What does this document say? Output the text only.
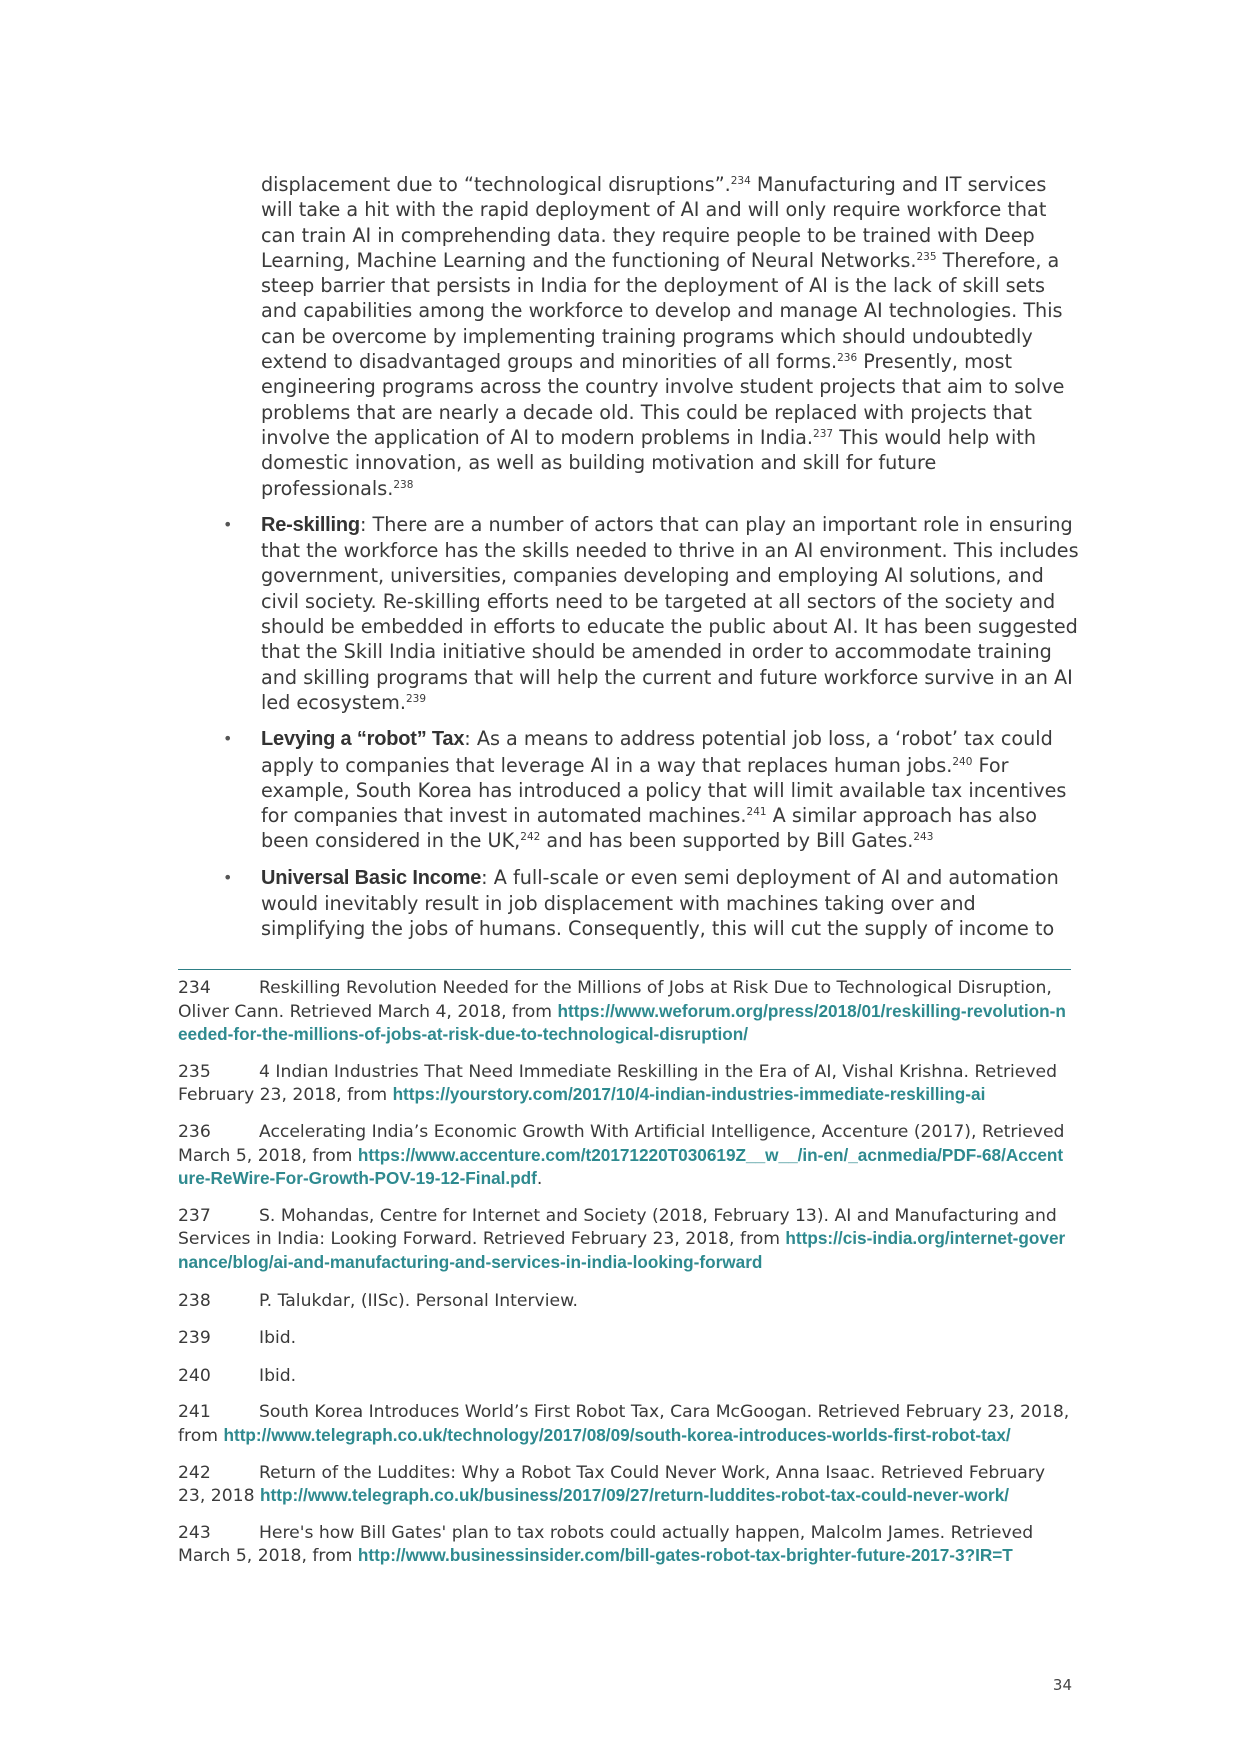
displacement due to “technological disruptions”.$^{234}$ Manufacturing and IT services will take a hit with the rapid deployment of AI and will only require workforce that can train AI in comprehending data. they require people to be trained with Deep Learning, Machine Learning and the functioning of Neural Networks.$^{235}$ Therefore, a steep barrier that persists in India for the deployment of AI is the lack of skill sets and capabilities among the workforce to develop and manage AI technologies. This can be overcome by implementing training programs which should undoubtedly extend to disadvantaged groups and minorities of all forms.$^{236}$ Presently, most engineering programs across the country involve student projects that aim to solve problems that are nearly a decade old. This could be replaced with projects that involve the application of AI to modern problems in India.$^{237}$ This would help with domestic innovation, as well as building motivation and skill for future professionals.$^{238}$

• Re-skilling: There are a number of actors that can play an important role in ensuring that the workforce has the skills needed to thrive in an AI environment. This includes government, universities, companies developing and employing AI solutions, and civil society. Re-skilling efforts need to be targeted at all sectors of the society and should be embedded in efforts to educate the public about AI. It has been suggested that the Skill India initiative should be amended in order to accommodate training and skilling programs that will help the current and future workforce survive in an AI led ecosystem.$^{239}$
• Levying a “robot” Tax: As a means to address potential job loss, a ‘robot’ tax could apply to companies that leverage AI in a way that replaces human jobs.$^{240}$ For example, South Korea has introduced a policy that will limit available tax incentives for companies that invest in automated machines.$^{241}$ A similar approach has also been considered in the UK,$^{242}$ and has been supported by Bill Gates.$^{243}$
• Universal Basic Income: A full-scale or even semi deployment of AI and automation would inevitably result in job displacement with machines taking over and simplifying the jobs of humans. Consequently, this will cut the supply of income to
234	Reskilling Revolution Needed for the Millions of Jobs at Risk Due to Technological Disruption, Oliver Cann. Retrieved March 4, 2018, from https://www.weforum.org/press/2018/01/reskilling-revolution-needed-for-the-millions-of-jobs-at-risk-due-to-technological-disruption/
235	4 Indian Industries That Need Immediate Reskilling in the Era of AI, Vishal Krishna. Retrieved February 23, 2018, from https://yourstory.com/2017/10/4-indian-industries-immediate-reskilling-ai
236	Accelerating India’s Economic Growth With Artificial Intelligence, Accenture (2017), Retrieved March 5, 2018, from https://www.accenture.com/t20171220T030619Z__w__/in-en/_acnmedia/PDF-68/Accenture-ReWire-For-Growth-POV-19-12-Final.pdf.
237	S. Mohandas, Centre for Internet and Society (2018, February 13). AI and Manufacturing and Services in India: Looking Forward. Retrieved February 23, 2018, from https://cis-india.org/internet-governance/blog/ai-and-manufacturing-and-services-in-india-looking-forward
238	P. Talukdar, (IISc). Personal Interview.
239	Ibid.
240	Ibid.
241	South Korea Introduces World’s First Robot Tax, Cara McGoogan. Retrieved February 23, 2018, from http://www.telegraph.co.uk/technology/2017/08/09/south-korea-introduces-worlds-first-robot-tax/
242	Return of the Luddites: Why a Robot Tax Could Never Work, Anna Isaac. Retrieved February 23, 2018 http://www.telegraph.co.uk/business/2017/09/27/return-luddites-robot-tax-could-never-work/
243	Here's how Bill Gates' plan to tax robots could actually happen, Malcolm James. Retrieved March 5, 2018, from http://www.businessinsider.com/bill-gates-robot-tax-brighter-future-2017-3?IR=T
34
